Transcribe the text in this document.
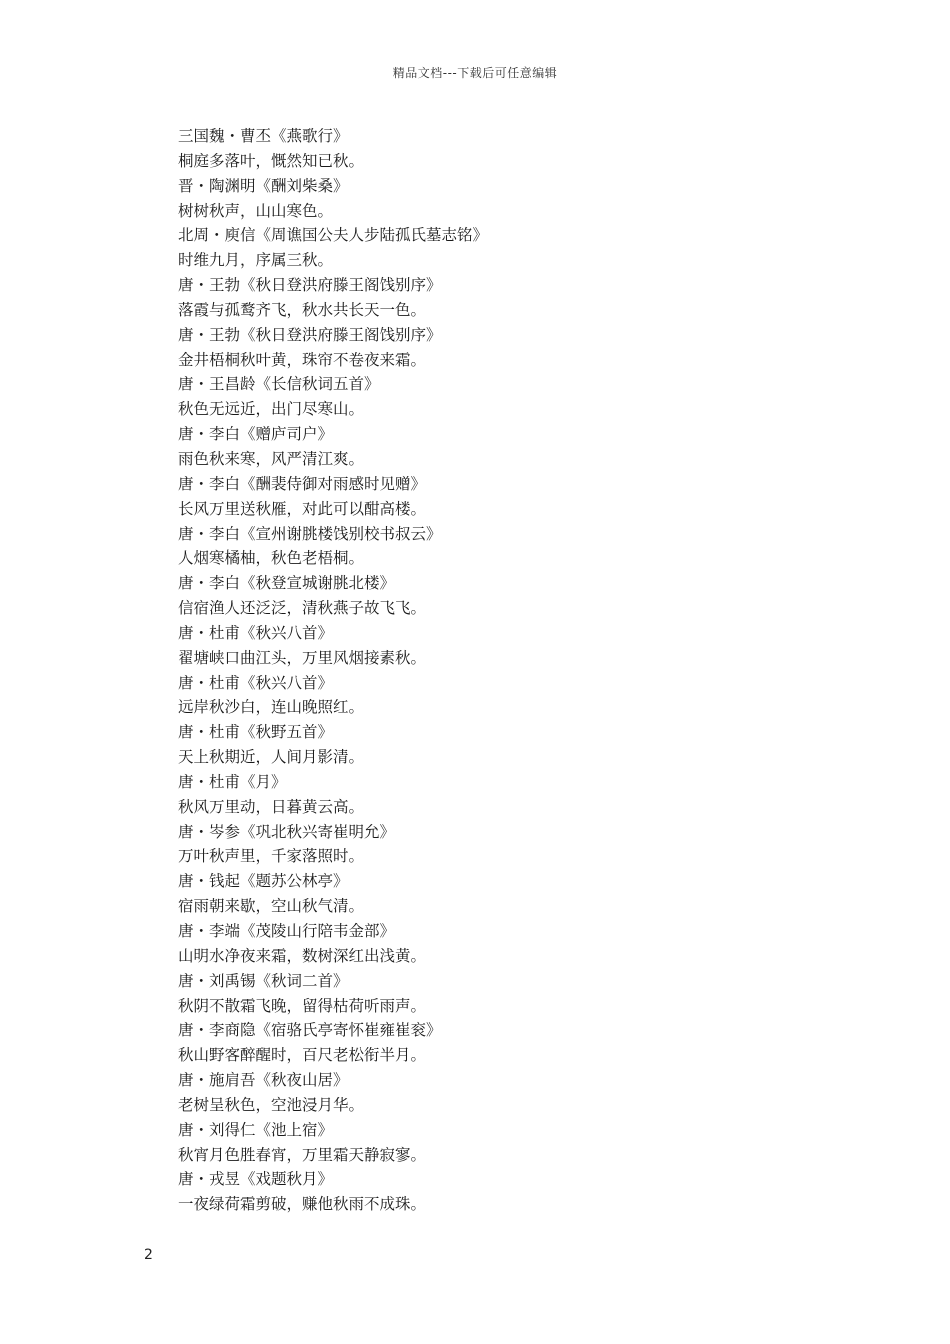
精品文档---下载后可任意编辑
三国魏・曹丕《燕歌行》
桐庭多落叶，慨然知已秋。
晋・陶渊明《酬刘柴桑》
树树秋声，山山寒色。
北周・庾信《周谯国公夫人步陆孤氏墓志铭》
时维九月，序属三秋。
唐・王勃《秋日登洪府滕王阁饯别序》
落霞与孤鹜齐飞，秋水共长天一色。
唐・王勃《秋日登洪府滕王阁饯别序》
金井梧桐秋叶黄，珠帘不卷夜来霜。
唐・王昌龄《长信秋词五首》
秋色无远近，出门尽寒山。
唐・李白《赠庐司户》
雨色秋来寒，风严清江爽。
唐・李白《酬裴侍御对雨感时见赠》
长风万里送秋雁，对此可以酣高楼。
唐・李白《宣州谢朓楼饯别校书叔云》
人烟寒橘柚，秋色老梧桐。
唐・李白《秋登宣城谢朓北楼》
信宿渔人还泛泛，清秋燕子故飞飞。
唐・杜甫《秋兴八首》
翟塘峡口曲江头，万里风烟接素秋。
唐・杜甫《秋兴八首》
远岸秋沙白，连山晚照红。
唐・杜甫《秋野五首》
天上秋期近，人间月影清。
唐・杜甫《月》
秋风万里动，日暮黄云高。
唐・岑参《巩北秋兴寄崔明允》
万叶秋声里，千家落照时。
唐・钱起《题苏公林亭》
宿雨朝来歇，空山秋气清。
唐・李端《茂陵山行陪韦金部》
山明水净夜来霜，数树深红出浅黄。
唐・刘禹锡《秋词二首》
秋阴不散霜飞晚，留得枯荷听雨声。
唐・李商隐《宿骆氏亭寄怀崔雍崔衮》
秋山野客醉醒时，百尺老松衔半月。
唐・施肩吾《秋夜山居》
老树呈秋色，空池浸月华。
唐・刘得仁《池上宿》
秋宵月色胜春宵，万里霜天静寂寥。
唐・戎昱《戏题秋月》
一夜绿荷霜剪破，赚他秋雨不成珠。
2
